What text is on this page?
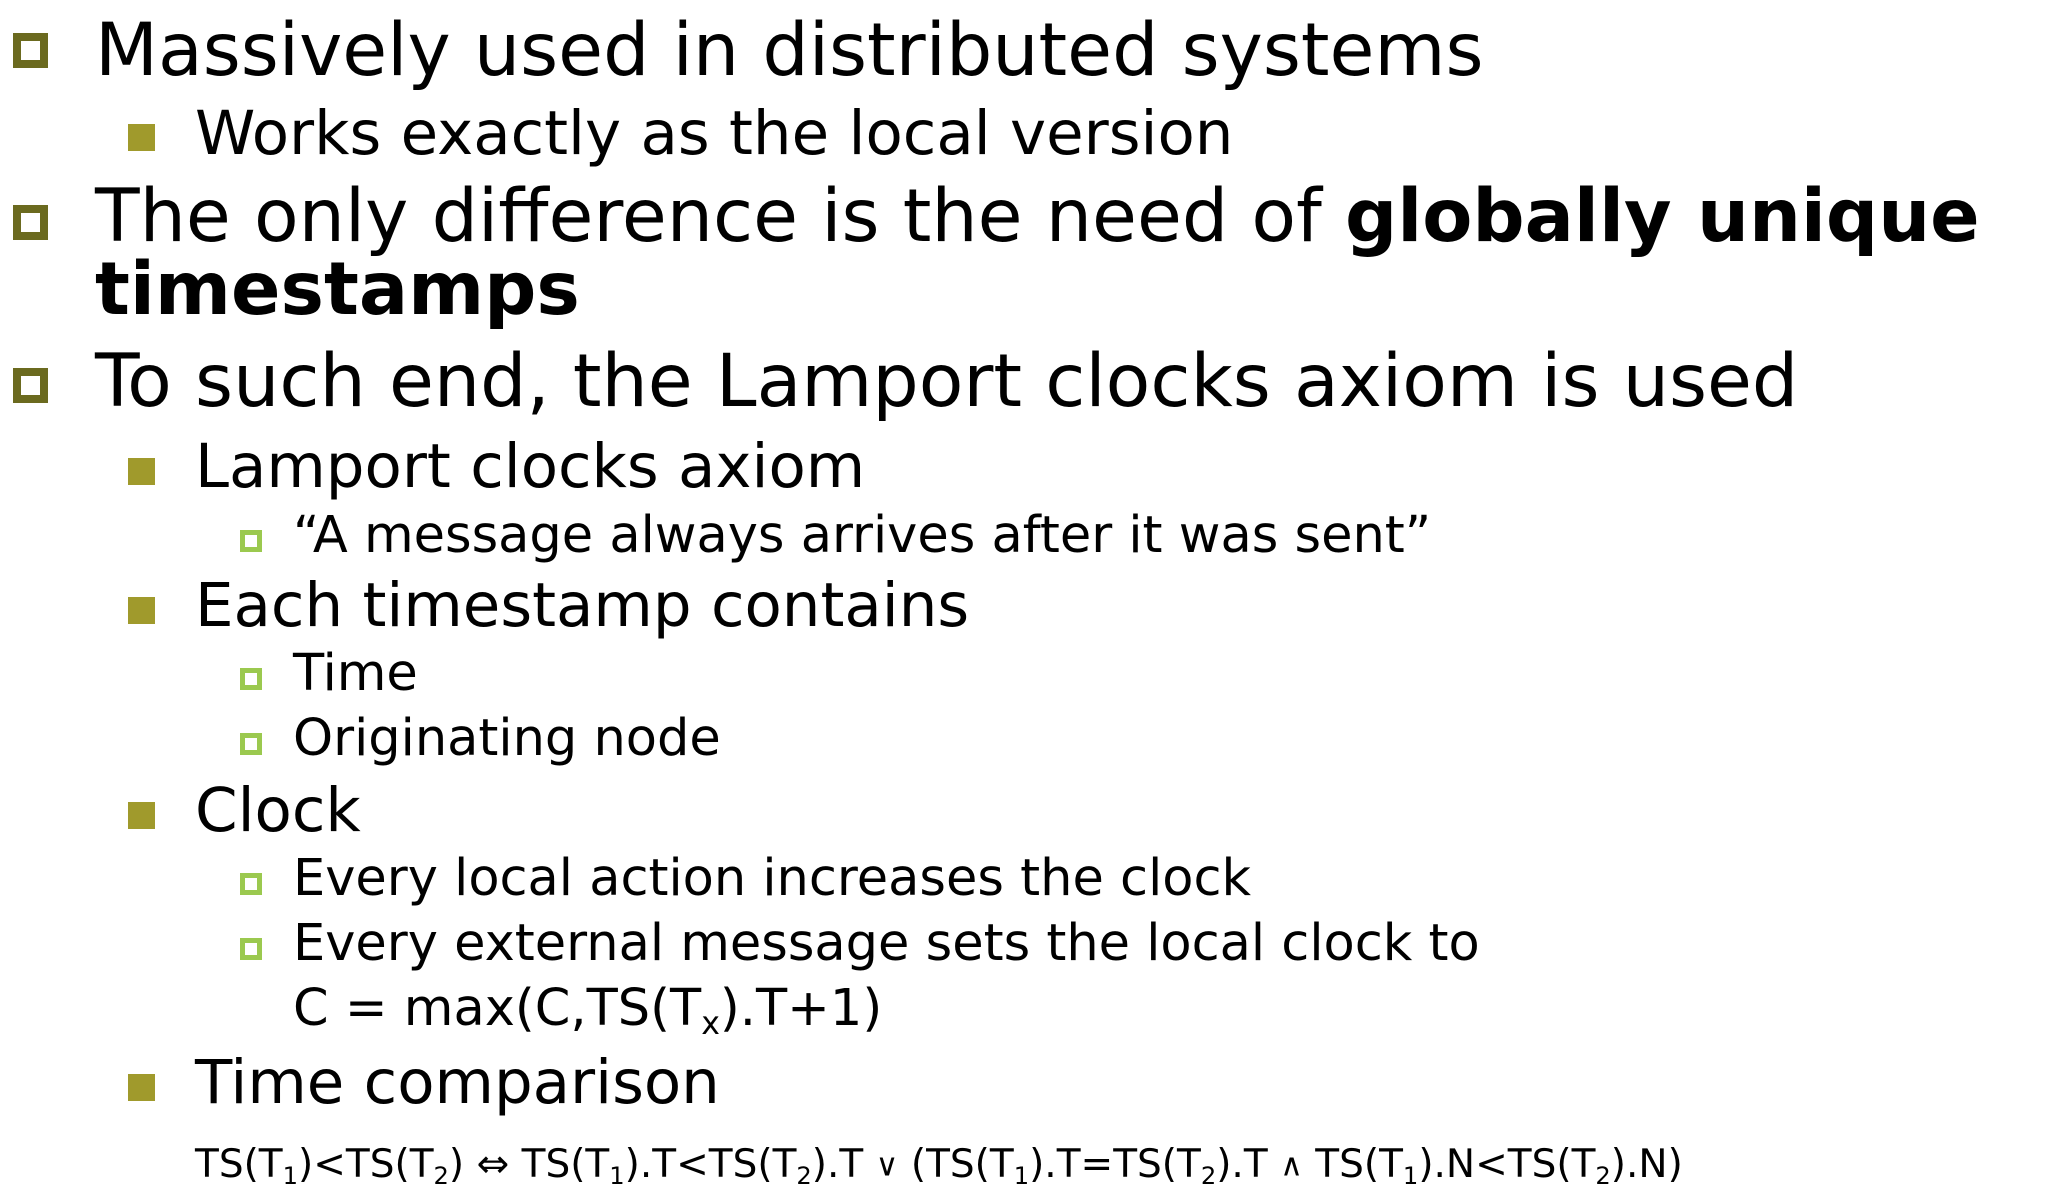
Massively used in distributed systems
Works exactly as the local version
The only difference is the need of globally unique
timestamps
To such end, the Lamport clocks axiom is used
Lamport clocks axiom
“A message always arrives after it was sent”
Each timestamp contains
Time
Originating node
Clock
Every local action increases the clock
Every external message sets the local clock to
$C = \max(C,TS(T_x).T+1)$
Time comparison
$TS(T_1)<TS(T_2)$ ⇔ $TS(T_1).T<TS(T_2).T$ ∨ ($TS(T_1).T=TS(T_2).T$ ∧ $TS(T_1).N<TS(T_2).N$)
